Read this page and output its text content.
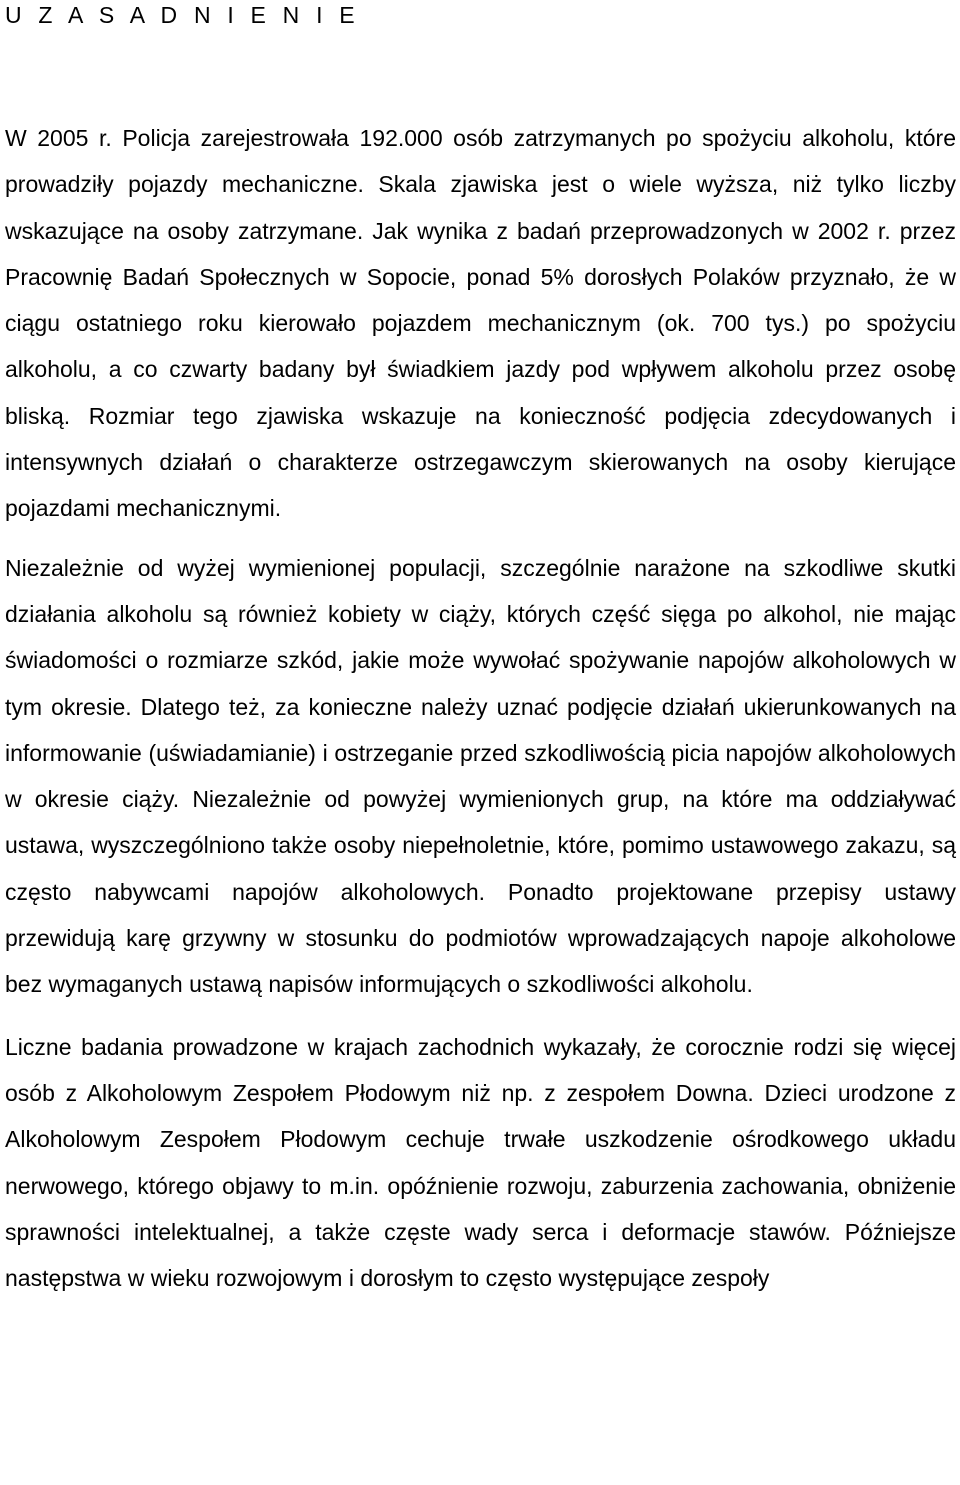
U Z A S A D N I E N I E

W 2005 r. Policja zarejestrowała 192.000 osób zatrzymanych po spożyciu alkoholu, które prowadziły pojazdy mechaniczne. Skala zjawiska jest o wiele wyższa, niż tylko liczby wskazujące na osoby zatrzymane. Jak wynika z badań przeprowadzonych w 2002 r. przez Pracownię Badań Społecznych w Sopocie, ponad 5% dorosłych Polaków przyznało, że w ciągu ostatniego roku kierowało pojazdem mechanicznym (ok. 700 tys.) po spożyciu alkoholu, a co czwarty badany był świadkiem jazdy pod wpływem alkoholu przez osobę bliską. Rozmiar tego zjawiska wskazuje na konieczność podjęcia zdecydowanych i intensywnych działań o charakterze ostrzegawczym skierowanych na osoby kierujące pojazdami mechanicznymi.

Niezależnie od wyżej wymienionej populacji, szczególnie narażone na szkodliwe skutki działania alkoholu są również kobiety w ciąży, których część sięga po alkohol, nie mając świadomości o rozmiarze szkód, jakie może wywołać spożywanie napojów alkoholowych w tym okresie. Dlatego też, za konieczne należy uznać podjęcie działań ukierunkowanych na informowanie (uświadamianie) i ostrzeganie przed szkodliwością picia napojów alkoholowych w okresie ciąży. Niezależnie od powyżej wymienionych grup, na które ma oddziaływać ustawa, wyszczególniono także osoby niepełnoletnie, które, pomimo ustawowego zakazu, są często nabywcami napojów alkoholowych. Ponadto projektowane przepisy ustawy przewidują karę grzywny w stosunku do podmiotów wprowadzających napoje alkoholowe bez wymaganych ustawą napisów informujących o szkodliwości alkoholu.

Liczne badania prowadzone w krajach zachodnich wykazały, że corocznie rodzi się więcej osób z Alkoholowym Zespołem Płodowym niż np. z zespołem Downa. Dzieci urodzone z Alkoholowym Zespołem Płodowym cechuje trwałe uszkodzenie ośrodkowego układu nerwowego, którego objawy to m.in. opóźnienie rozwoju, zaburzenia zachowania, obniżenie sprawności intelektualnej, a także częste wady serca i deformacje stawów. Późniejsze następstwa w wieku rozwojowym i dorosłym to często występujące zespoły
